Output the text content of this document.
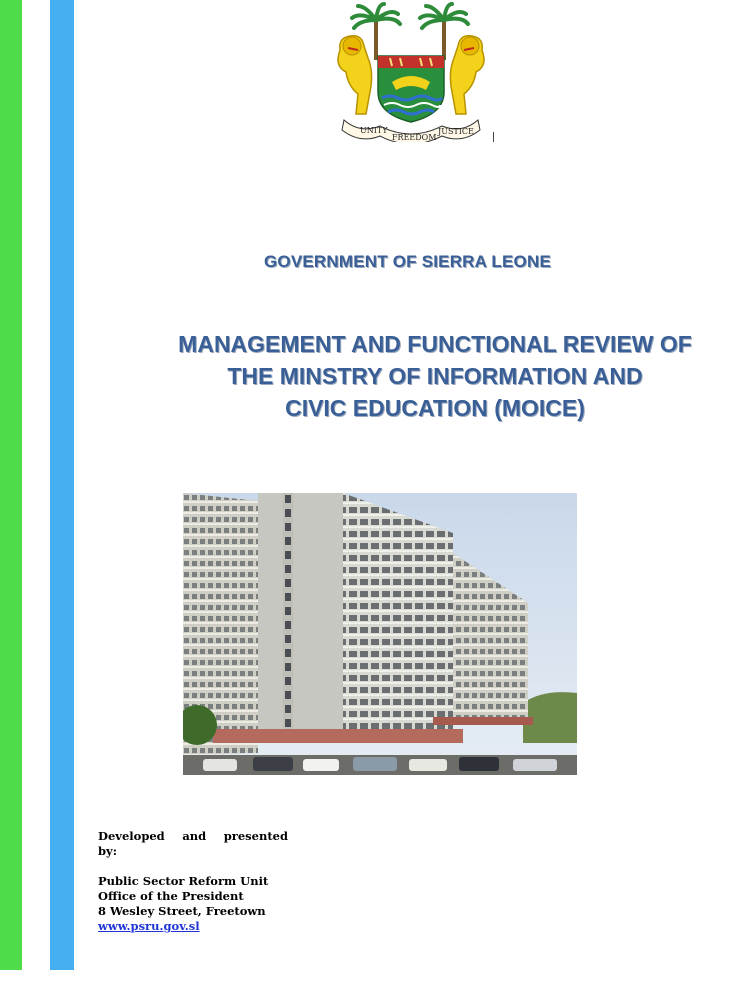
UNITY
FREEDOM
JUSTICE
GOVERNMENT OF SIERRA LEONE
MANAGEMENT AND FUNCTIONAL REVIEW OF
THE MINSTRY OF INFORMATION AND
CIVIC EDUCATION (MOICE)
Developed and presented
by:
Public Sector Reform Unit
Office of the President
8 Wesley Street, Freetown
www.psru.gov.sl
